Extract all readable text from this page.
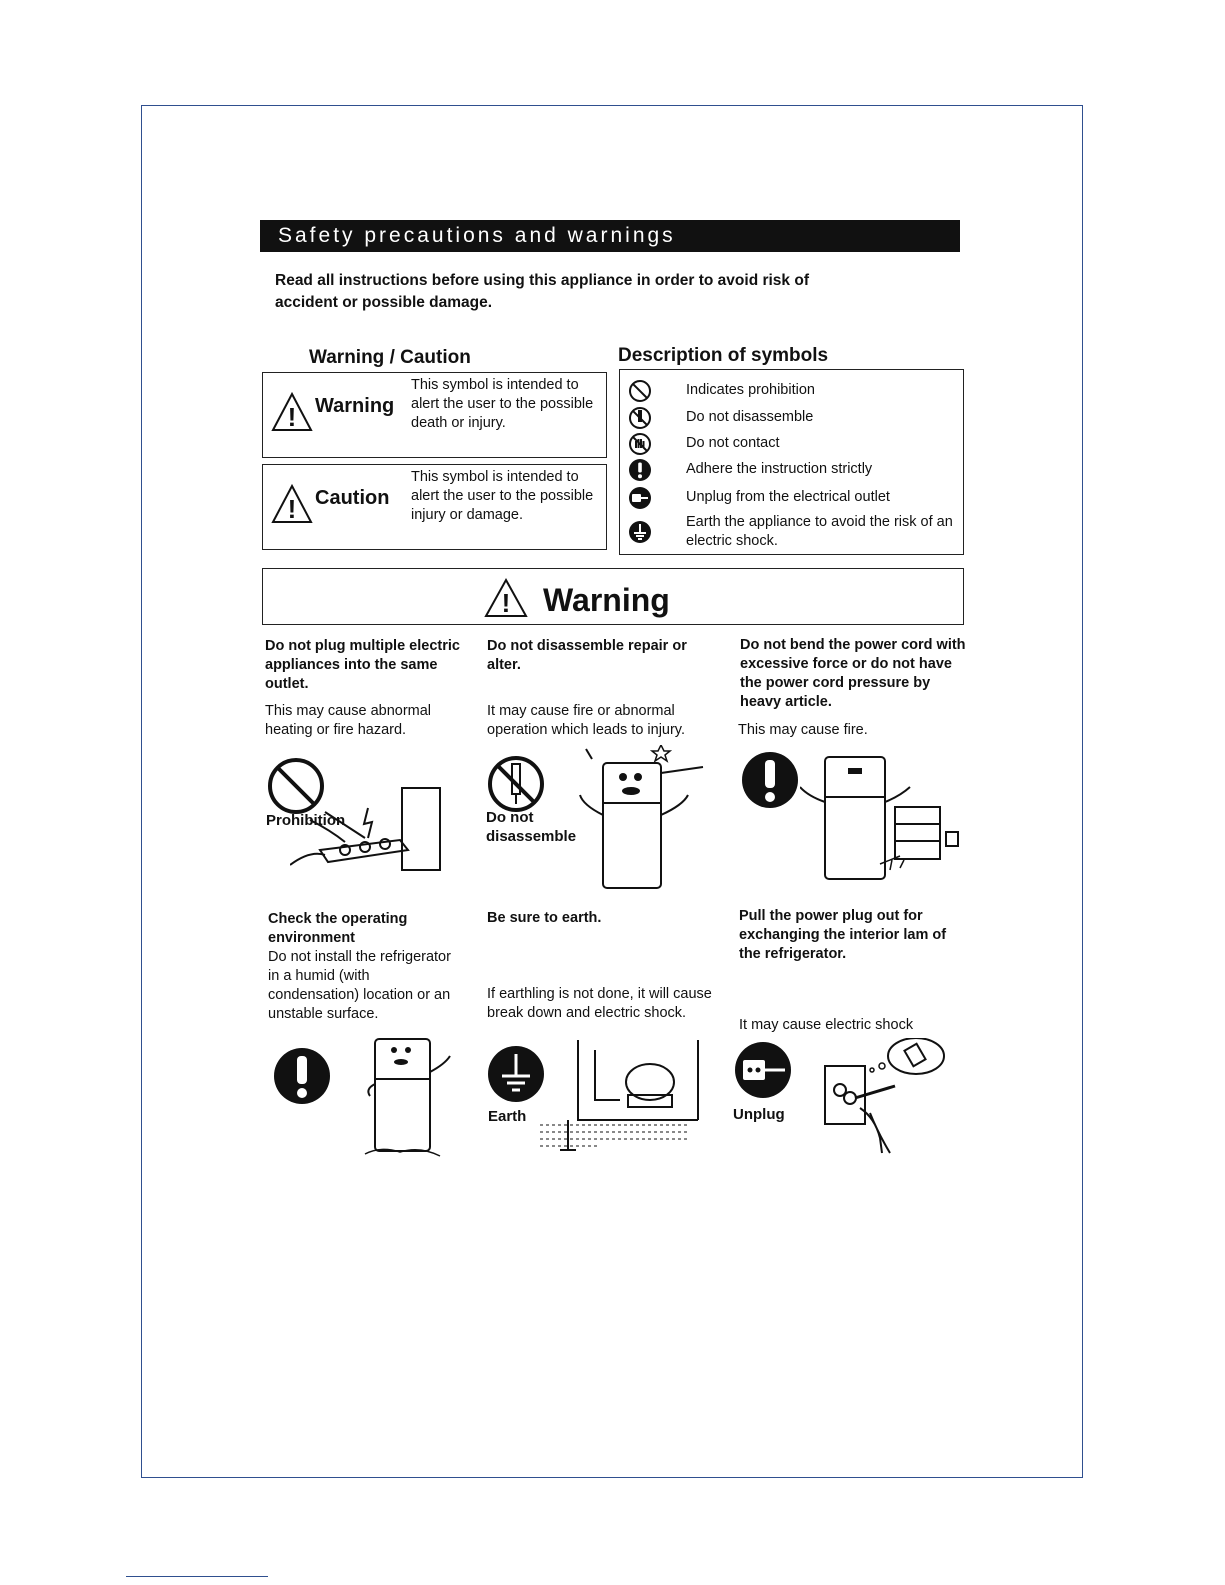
Safety precautions and warnings
Read all instructions before using this appliance in order to avoid risk of accident or possible damage.
Warning / Caution
! Warning
This symbol is intended to alert the user to the possible death or injury.
! Caution
This symbol is intended to alert the user to the possible injury or damage.
Description of symbols
Indicates prohibition
Do not disassemble
Do not contact
Adhere the instruction strictly
Unplug from the electrical outlet
Earth the appliance to avoid the risk of an electric shock.
! Warning
Do not plug multiple electric appliances into the same outlet.
This may cause abnormal heating or fire hazard.
Prohibition
Do not disassemble repair or alter.
It may cause fire or abnormal operation which leads to injury.
Do not disassemble
Do not bend the power cord with excessive force or do not have the power cord pressure by heavy article.
This may cause fire.
Check the operating environment
Do not install the refrigerator in a humid (with condensation) location or an unstable surface.
Be sure to earth.
If earthling is not done, it will cause break down and electric shock.
Earth
Pull the power plug out for exchanging the interior lam of the refrigerator.
It may cause electric shock
Unplug
